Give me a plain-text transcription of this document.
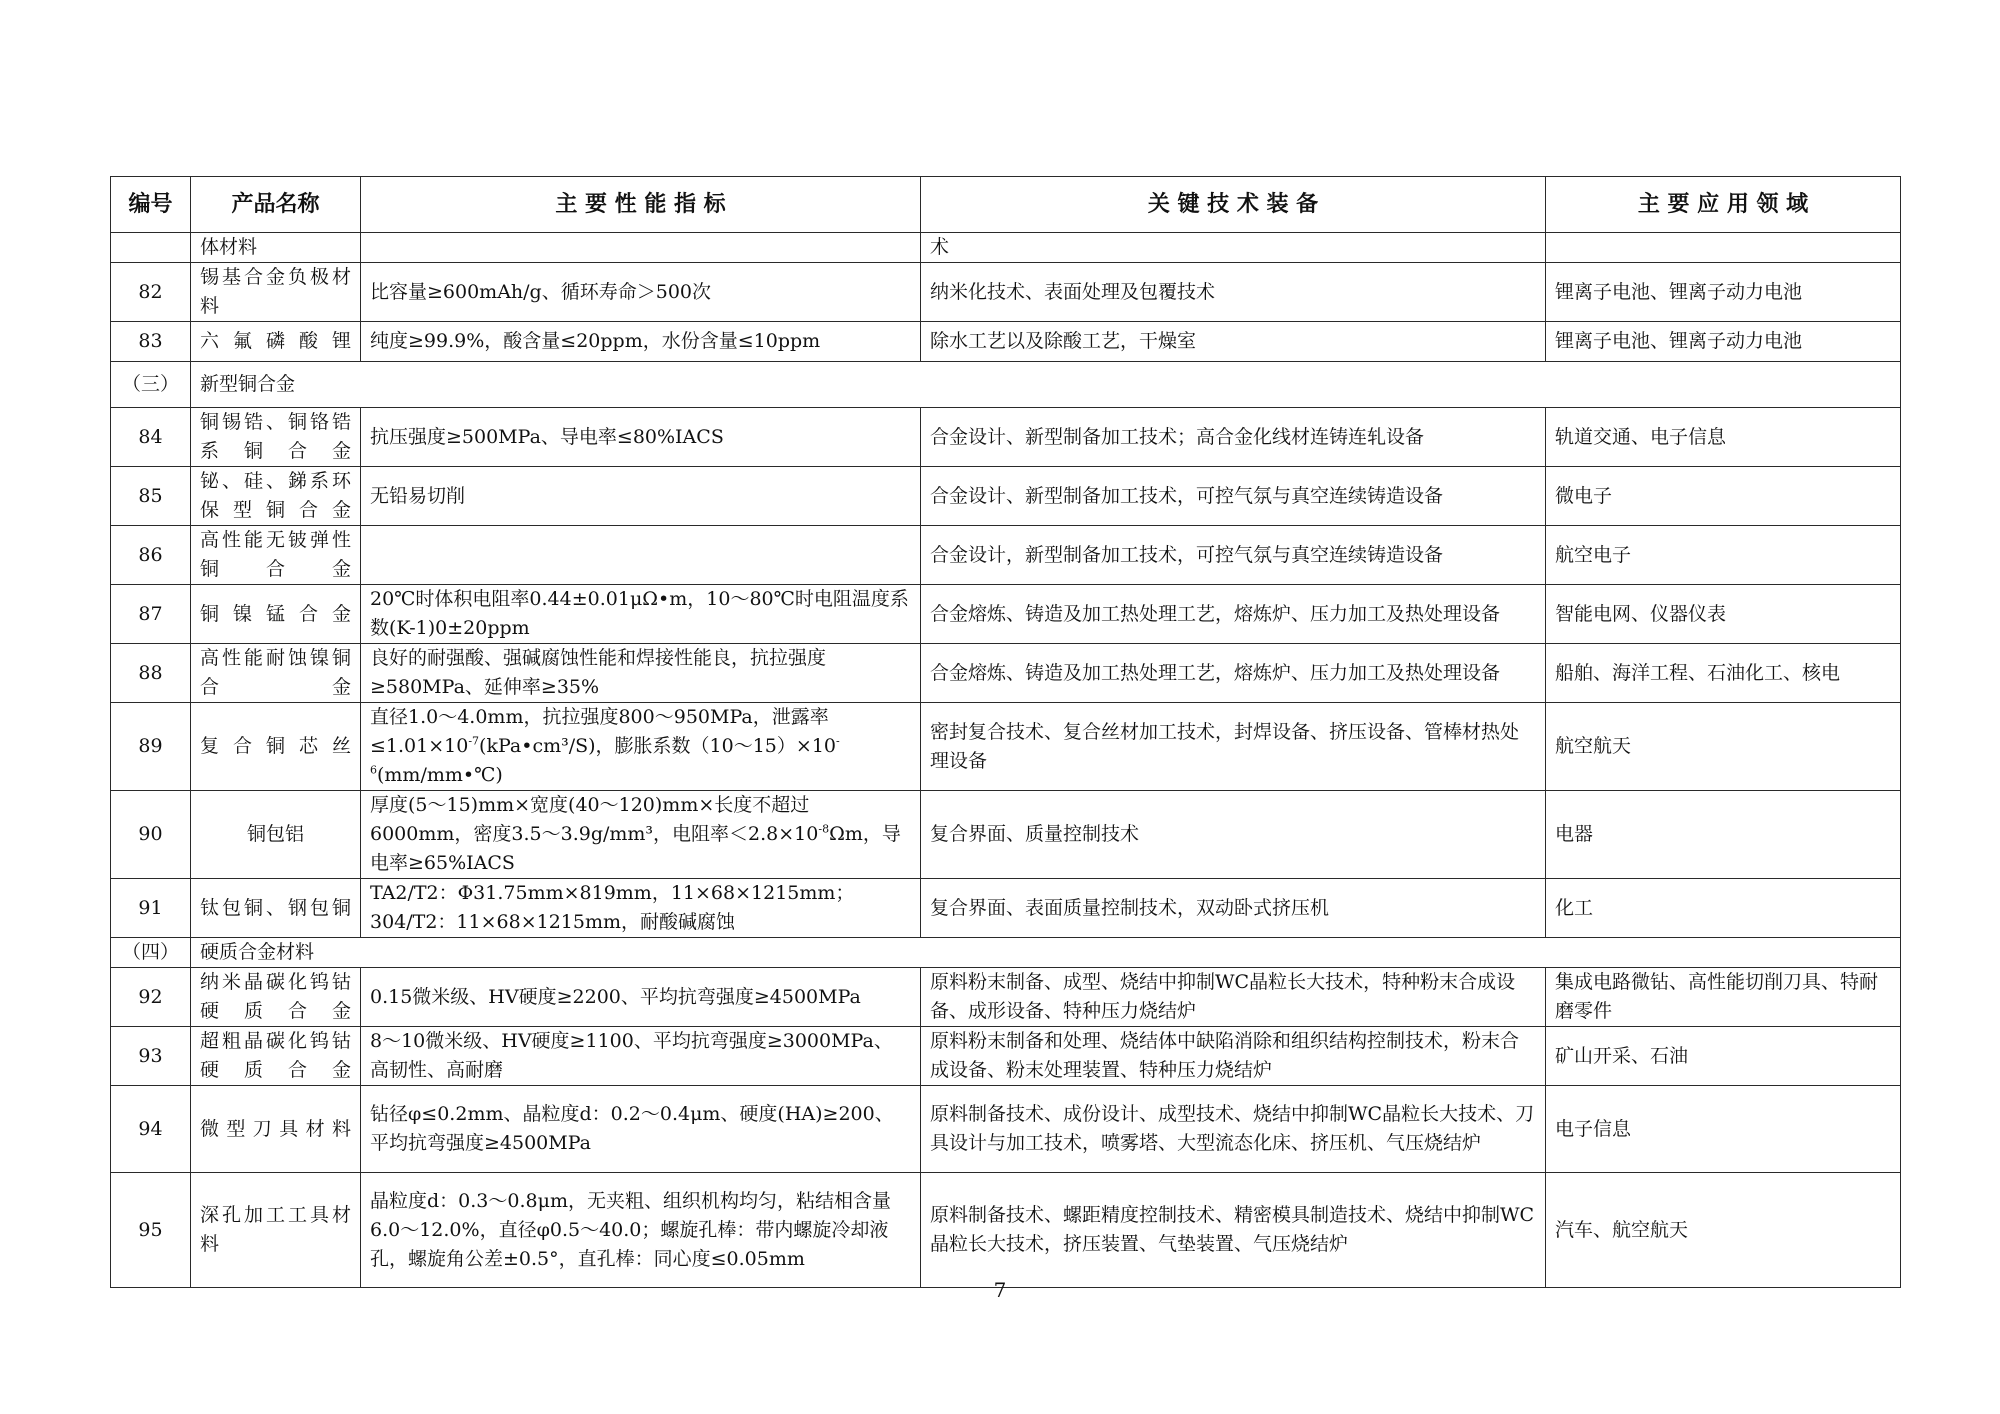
编号	产品名称	主 要 性 能 指 标	关 键 技 术 装 备	主 要 应 用 领 域
	体材料		术	
82	锡基合金负极材料	比容量≥600mAh/g、循环寿命＞500次	纳米化技术、表面处理及包覆技术	锂离子电池、锂离子动力电池
83	六氟磷酸锂	纯度≥99.9%，酸含量≤20ppm，水份含量≤10ppm	除水工艺以及除酸工艺，干燥室	锂离子电池、锂离子动力电池
（三）	新型铜合金			
84	铜锡锆、铜铬锆系铜合金	抗压强度≥500MPa、导电率≤80%IACS	合金设计、新型制备加工技术；高合金化线材连铸连轧设备	轨道交通、电子信息
85	铋、硅、銻系环保型铜合金	无铅易切削	合金设计、新型制备加工技术，可控气氛与真空连续铸造设备	微电子
86	高性能无铍弹性铜合金		合金设计，新型制备加工技术，可控气氛与真空连续铸造设备	航空电子
87	铜镍锰合金	20℃时体积电阻率0.44±0.01μΩ•m，10～80℃时电阻温度系数(K-1)0±20ppm	合金熔炼、铸造及加工热处理工艺，熔炼炉、压力加工及热处理设备	智能电网、仪器仪表
88	高性能耐蚀镍铜合金	良好的耐强酸、强碱腐蚀性能和焊接性能良，抗拉强度≥580MPa、延伸率≥35%	合金熔炼、铸造及加工热处理工艺，熔炼炉、压力加工及热处理设备	船舶、海洋工程、石油化工、核电
89	复合铜芯丝	直径1.0～4.0mm，抗拉强度800～950MPa，泄露率$\le 1.01\times 10^{-7}(kPa•cm^3/S)$，膨胀系数$(10\sim 15)\times 10^{-6}(mm/mm•℃)$	密封复合技术、复合丝材加工技术，封焊设备、挤压设备、管棒材热处理设备	航空航天
90	铜包铝	厚度(5～15)mm×宽度(40～120)mm×长度不超过6000mm，密度3.5～3.9g/mm³，电阻率$<2.8\times 10^{-8}\Omega m$，导电率≥65%IACS	复合界面、质量控制技术	电器
91	钛包铜、钢包铜	TA2/T2：Φ31.75mm×819mm，11×68×1215mm；304/T2：11×68×1215mm，耐酸碱腐蚀	复合界面、表面质量控制技术，双动卧式挤压机	化工
（四）	硬质合金材料			
92	纳米晶碳化钨钴硬质合金	0.15微米级、HV硬度≥2200、平均抗弯强度≥4500MPa	原料粉末制备、成型、烧结中抑制WC晶粒长大技术，特种粉末合成设备、成形设备、特种压力烧结炉	集成电路微钻、高性能切削刀具、特耐磨零件
93	超粗晶碳化钨钴硬质合金	8～10微米级、HV硬度≥1100、平均抗弯强度≥3000MPa、高韧性、高耐磨	原料粉末制备和处理、烧结体中缺陷消除和组织结构控制技术，粉末合成设备、粉末处理装置、特种压力烧结炉	矿山开采、石油
94	微型刀具材料	钻径φ≤0.2mm、晶粒度d：0.2～0.4μm、硬度(HA)≥200、平均抗弯强度≥4500MPa	原料制备技术、成份设计、成型技术、烧结中抑制WC晶粒长大技术、刀具设计与加工技术，喷雾塔、大型流态化床、挤压机、气压烧结炉	电子信息
95	深孔加工工具材料	晶粒度d：0.3～0.8μm，无夹粗、组织机构均匀，粘结相含量6.0～12.0%，直径φ0.5～40.0；螺旋孔棒：带内螺旋冷却液孔，螺旋角公差±0.5°，直孔棒：同心度≤0.05mm	原料制备技术、螺距精度控制技术、精密模具制造技术、烧结中抑制WC晶粒长大技术，挤压装置、气垫装置、气压烧结炉	汽车、航空航天
7
